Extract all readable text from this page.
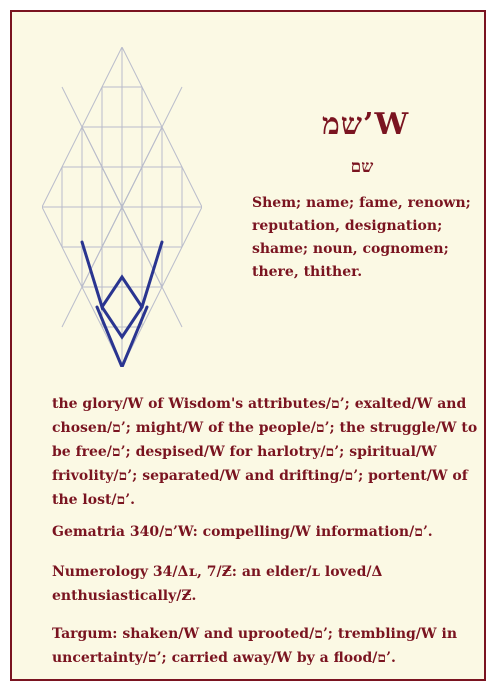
שמ’W
שם
Shem; name; fame, renown; reputation, designation; shame; noun, cognomen; there, thither.

the glory/W of Wisdom's attributes/ם’; exalted/W and chosen/ם’; might/W of the people/ם’; the struggle/W to be free/ם’; despised/W for harlotry/ם’; spiritual/W frivolity/ם’; separated/W and drifting/ם’; portent/W of the lost/ם’.

Gematria 340/ם’W: compelling/W information/ם’.

Numerology 34/Δʟ, 7/Ƶ: an elder/ʟ loved/Δ enthusiastically/Ƶ.

Targum: shaken/W and uprooted/ם’; trembling/W in uncertainty/ם’; carried away/W by a flood/ם’.
